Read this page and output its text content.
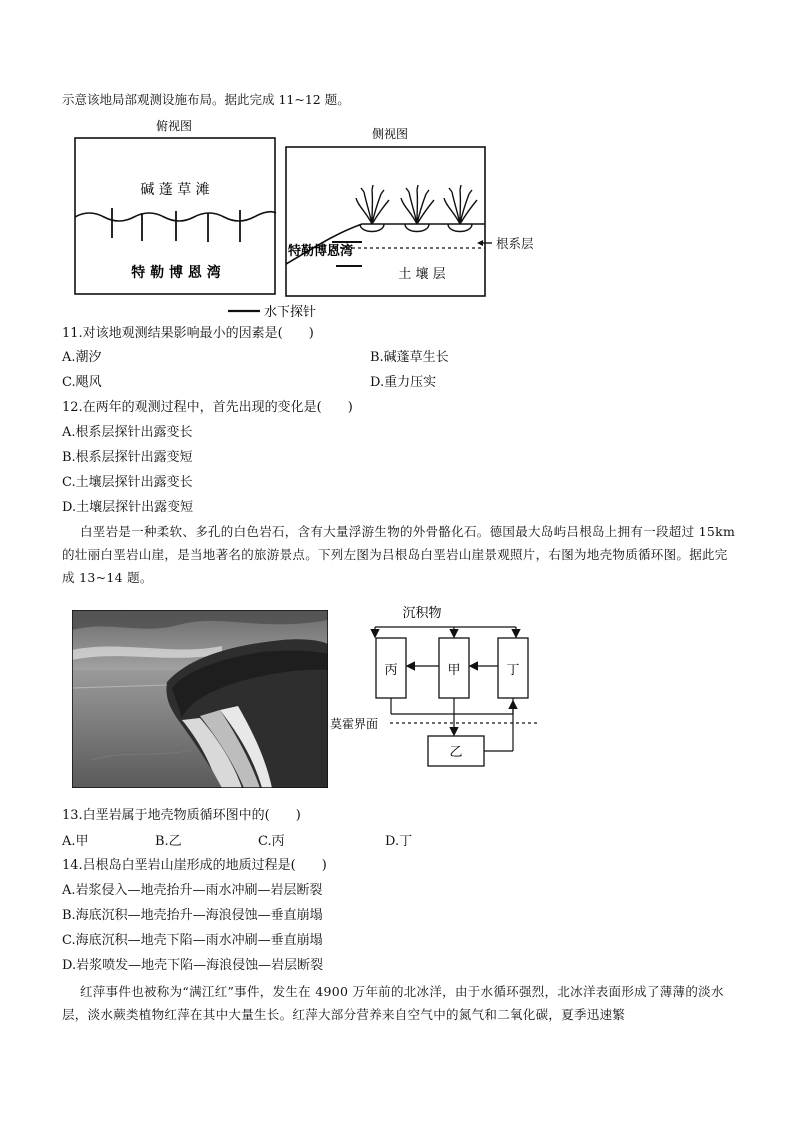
示意该地局部观测设施布局。据此完成 11~12 题。
俯视图
碱 蓬 草 滩
特 勒 博 恩 湾
侧视图
特勒博恩湾
土 壤 层
水下探针
根系层
11.对该地观测结果影响最小的因素是(　　)
A.潮汐	B.碱蓬草生长
C.飓风	D.重力压实
12.在两年的观测过程中，首先出现的变化是(　　)
A.根系层探针出露变长
B.根系层探针出露变短
C.土壤层探针出露变长
D.土壤层探针出露变短
白垩岩是一种柔软、多孔的白色岩石，含有大量浮游生物的外骨骼化石。德国最大岛屿吕根岛上拥有一段超过 15km 的壮丽白垩岩山崖，是当地著名的旅游景点。下列左图为吕根岛白垩岩山崖景观照片，右图为地壳物质循环图。据此完成 13~14 题。
沉积物
丙	甲	丁
莫霍界面
乙
13.白垩岩属于地壳物质循环图中的(　　)
A.甲	B.乙	C.丙	D.丁
14.吕根岛白垩岩山崖形成的地质过程是(　　)
A.岩浆侵入—地壳抬升—雨水冲刷—岩层断裂
B.海底沉积—地壳抬升—海浪侵蚀—垂直崩塌
C.海底沉积—地壳下陷—雨水冲刷—垂直崩塌
D.岩浆喷发—地壳下陷—海浪侵蚀—岩层断裂
红萍事件也被称为“满江红”事件，发生在 4900 万年前的北冰洋，由于水循环强烈，北冰洋表面形成了薄薄的淡水层，淡水蕨类植物红萍在其中大量生长。红萍大部分营养来自空气中的氮气和二氧化碳，夏季迅速繁
